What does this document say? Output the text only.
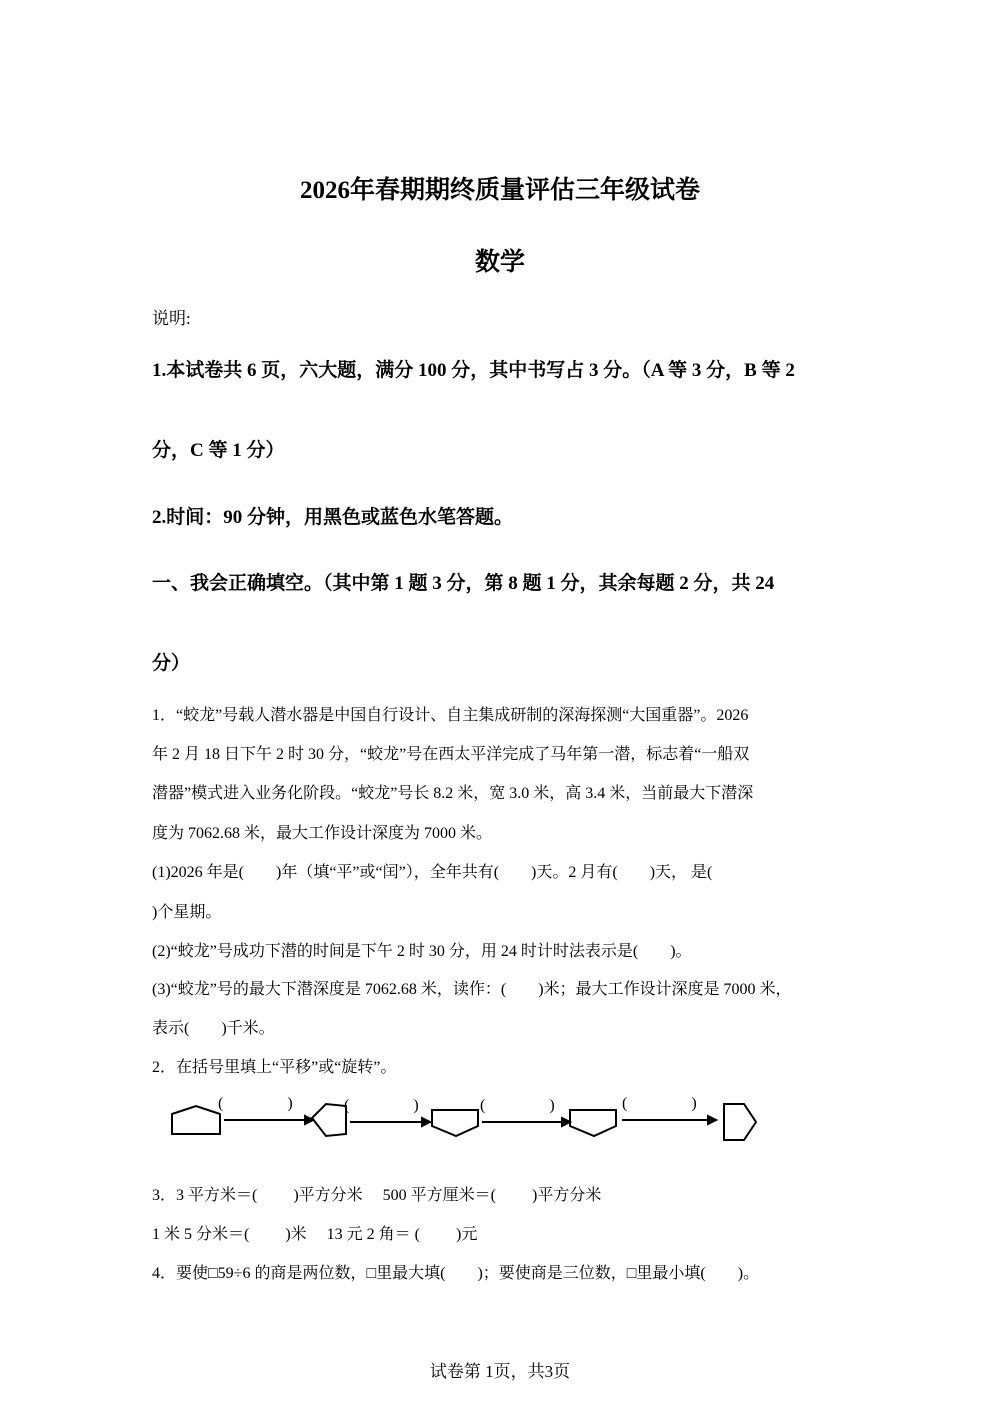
2026年春期期终质量评估三年级试卷
数学
说明:
1.本试卷共 6 页，六大题，满分 100 分，其中书写占 3 分。（A 等 3 分，B 等 2
分，C 等 1 分）
2.时间：90 分钟，用黑色或蓝色水笔答题。
一、我会正确填空。（其中第 1 题 3 分，第 8 题 1 分，其余每题 2 分，共 24
分）
1．“蛟龙”号载人潜水器是中国自行设计、自主集成研制的深海探测“大国重器”。2026
年 2 月 18 日下午 2 时 30 分，“蛟龙”号在西太平洋完成了马年第一潜，标志着“一船双
潜器”模式进入业务化阶段。“蛟龙”号长 8.2 米，宽 3.0 米，高 3.4 米，当前最大下潜深
度为 7062.68 米，最大工作设计深度为 7000 米。
(1)2026 年是(　　)年（填“平”或“闰”），全年共有(　　)天。2 月有(　　)天， 是(
)个星期。
(2)“蛟龙”号成功下潜的时间是下午 2 时 30 分，用 24 时计时法表示是(　　)。
(3)“蛟龙”号的最大下潜深度是 7062.68 米，读作：(　　)米；最大工作设计深度是 7000 米，
表示(　　)千米。
2．在括号里填上“平移”或“旋转”。
(　　　　)	(　　　　)	(　　　　)	(　　　　)
3．3 平方米＝(　　 )平方分米　 500 平方厘米＝(　　 )平方分米
1 米 5 分米＝(　　 )米　 13 元 2 角＝ (　　 )元
4．要使□59÷6 的商是两位数，□里最大填(　　)；要使商是三位数，□里最小填(　　)。
试卷第 1页，共3页
